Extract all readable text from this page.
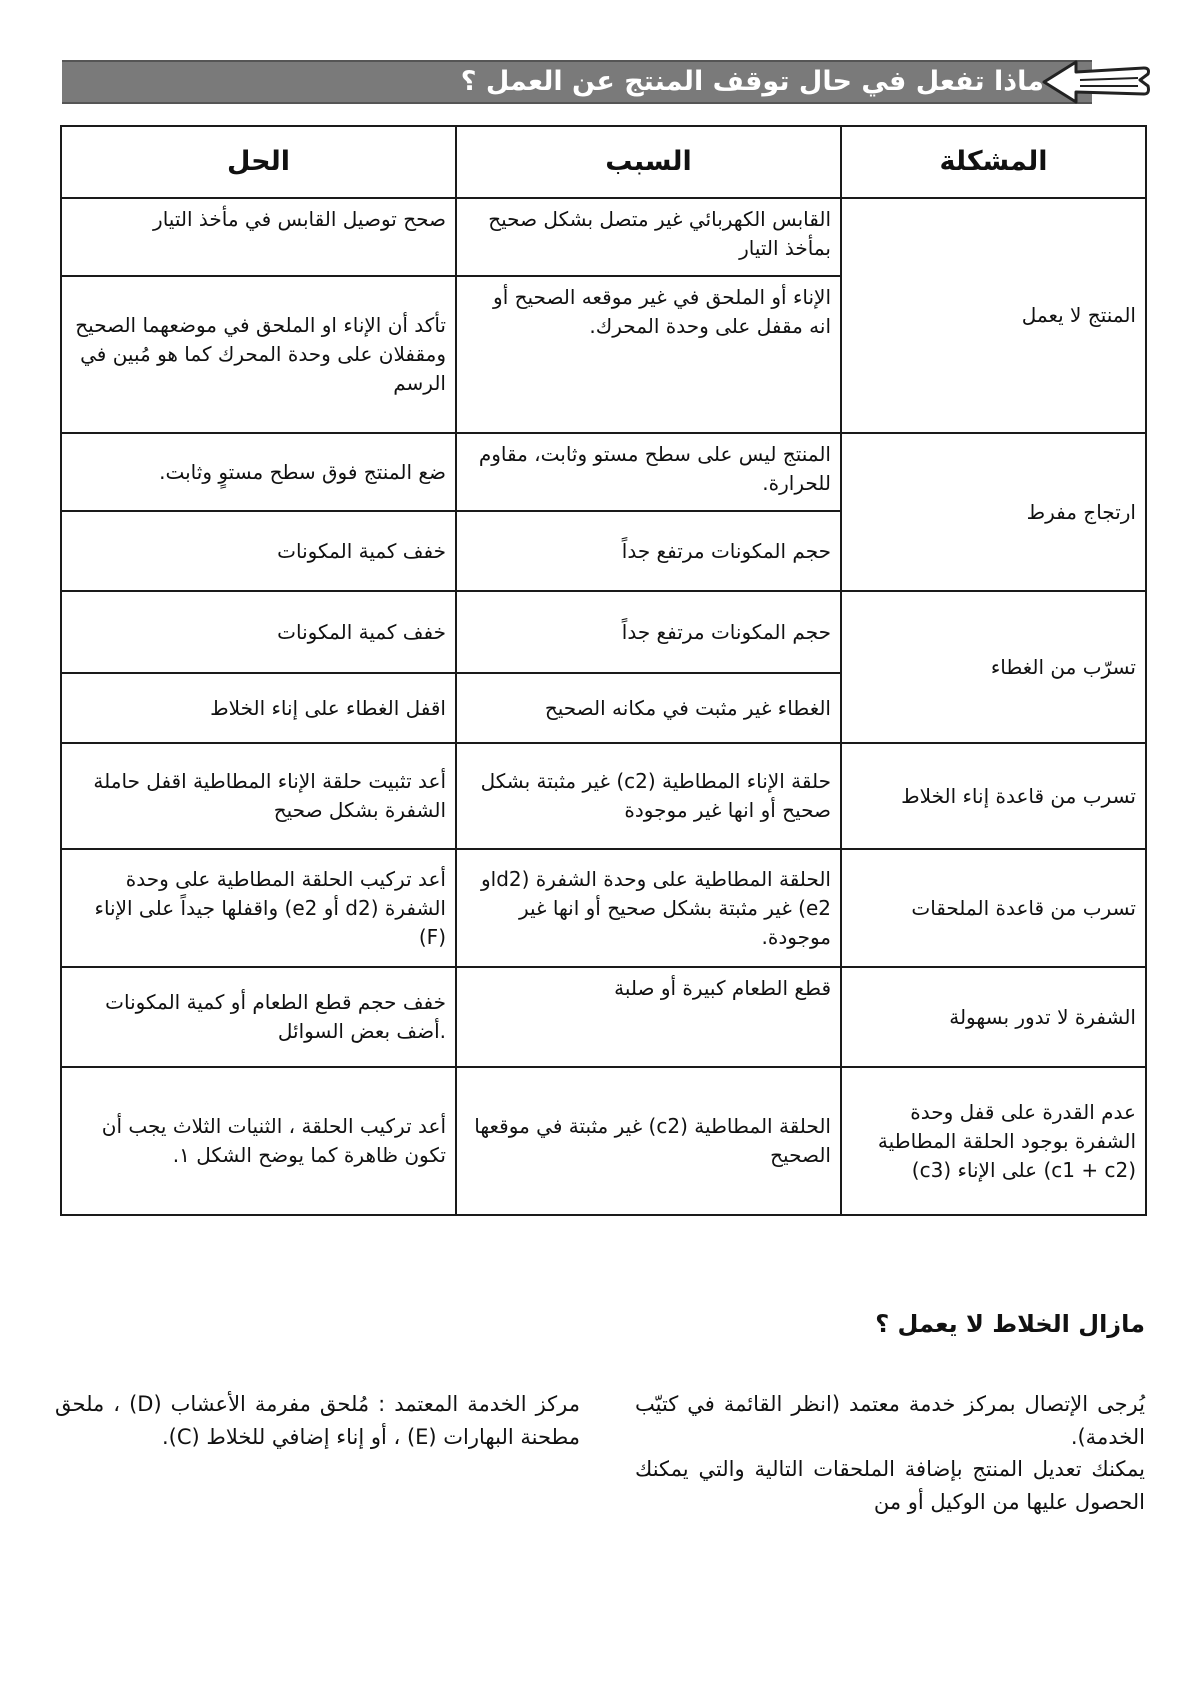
ماذا تفعل في حال توقف المنتج عن العمل ؟
المشكلة	السبب	الحل
المنتج لا يعمل	القابس الكهربائي غير متصل بشكل صحيح بمأخذ التيار	صحح توصيل القابس في مأخذ التيار
	الإناء أو الملحق في غير موقعه الصحيح أو انه مقفل على وحدة المحرك.	تأكد أن الإناء او الملحق في موضعهما الصحيح ومقفلان على وحدة المحرك كما هو مُبين في الرسم
ارتجاج مفرط	المنتج ليس على سطح مستو وثابت، مقاوم للحرارة.	ضع المنتج فوق سطح مستوٍ وثابت.
	حجم المكونات مرتفع جداً	خفف كمية المكونات
تسرّب من الغطاء	حجم المكونات مرتفع جداً	خفف كمية المكونات
	الغطاء غير مثبت في مكانه الصحيح	اقفل الغطاء على إناء الخلاط
تسرب من قاعدة إناء الخلاط	حلقة الإناء المطاطية (c2) غير مثبتة بشكل صحيح أو انها غير موجودة	أعد تثبيت حلقة الإناء المطاطية اقفل حاملة الشفرة بشكل صحيح
تسرب من قاعدة الملحقات	الحلقة المطاطية على وحدة الشفرة (d2او e2) غير مثبتة بشكل صحيح أو انها غير موجودة.	أعد تركيب الحلقة المطاطية على وحدة الشفرة (d2 أو e2) واقفلها جيداً على الإناء (F)
الشفرة لا تدور بسهولة	قطع الطعام كبيرة أو صلبة	خفف حجم قطع الطعام أو كمية المكونات .أضف بعض السوائل
عدم القدرة على قفل وحدة الشفرة بوجود الحلقة المطاطية (c1 + c2) على الإناء (c3)	الحلقة المطاطية (c2) غير مثبتة في موقعها الصحيح	أعد تركيب الحلقة ، الثنيات الثلاث يجب أن تكون ظاهرة كما يوضح الشكل ١.
مازال الخلاط لا يعمل ؟

يُرجى الإتصال بمركز خدمة معتمد (انظر القائمة في كتيّب الخدمة).

يمكنك تعديل المنتج بإضافة الملحقات التالية والتي يمكنك الحصول عليها من الوكيل أو من

مركز الخدمة المعتمد : مُلحق مفرمة الأعشاب (D) ، ملحق مطحنة البهارات (E) ، أو إناء إضافي للخلاط (C).
